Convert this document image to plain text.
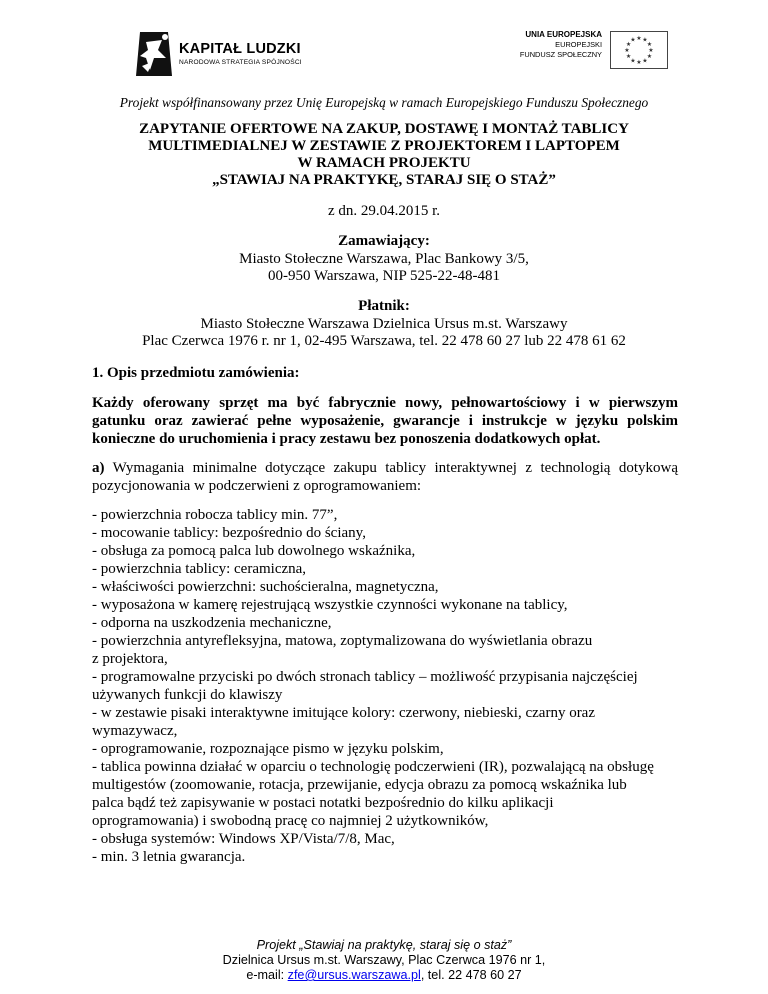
KAPITAŁ LUDZKI
NARODOWA STRATEGIA SPÓJNOŚCI
UNIA EUROPEJSKA
EUROPEJSKI
FUNDUSZ SPOŁECZNY
★ ★
★
★
★
★
★
★
★
★
★
★
Projekt współfinansowany przez Unię Europejską w ramach Europejskiego Funduszu Społecznego
ZAPYTANIE OFERTOWE NA ZAKUP, DOSTAWĘ I MONTAŻ TABLICY
MULTIMEDIALNEJ W ZESTAWIE Z PROJEKTOREM I LAPTOPEM
W RAMACH PROJEKTU
„STAWIAJ NA PRAKTYKĘ, STARAJ SIĘ O STAŻ”
z dn. 29.04.2015 r.
Zamawiający:
Miasto Stołeczne Warszawa, Plac Bankowy 3/5,
00-950 Warszawa, NIP 525-22-48-481
Płatnik:
Miasto Stołeczne Warszawa Dzielnica Ursus m.st. Warszawy
Plac Czerwca 1976 r. nr 1, 02-495 Warszawa, tel. 22 478 60 27 lub 22 478 61 62
1. Opis przedmiotu zamówienia:
Każdy oferowany sprzęt ma być fabrycznie nowy, pełnowartościowy i w pierwszym gatunku oraz zawierać pełne wyposażenie, gwarancje i instrukcje w języku polskim konieczne do uruchomienia i pracy zestawu bez ponoszenia dodatkowych opłat.
a) Wymagania minimalne dotyczące zakupu tablicy interaktywnej z technologią dotykową pozycjonowania w podczerwieni z oprogramowaniem:
- powierzchnia robocza tablicy min. 77”,
- mocowanie tablicy: bezpośrednio do ściany,
- obsługa za pomocą palca lub dowolnego wskaźnika,
- powierzchnia tablicy: ceramiczna,
- właściwości powierzchni: suchościeralna, magnetyczna,
- wyposażona w kamerę rejestrującą wszystkie czynności wykonane na tablicy,
- odporna na uszkodzenia mechaniczne,
- powierzchnia antyrefleksyjna, matowa, zoptymalizowana do wyświetlania obrazu
z projektora,
- programowalne przyciski po dwóch stronach tablicy – możliwość przypisania najczęściej
używanych funkcji do klawiszy
- w zestawie pisaki interaktywne imitujące kolory: czerwony, niebieski, czarny oraz
wymazywacz,
- oprogramowanie, rozpoznające pismo w języku polskim,
- tablica powinna działać w oparciu o technologię podczerwieni (IR), pozwalającą na obsługę
multigestów (zoomowanie, rotacja, przewijanie, edycja obrazu za pomocą wskaźnika lub
palca bądź też zapisywanie w postaci notatki bezpośrednio do kilku aplikacji
oprogramowania) i swobodną pracę co najmniej 2 użytkowników,
- obsługa systemów: Windows XP/Vista/7/8, Mac,
- min. 3 letnia gwarancja.
Projekt „Stawiaj na praktykę, staraj się o staż”
Dzielnica Ursus m.st. Warszawy, Plac Czerwca 1976 nr 1,
e-mail: zfe@ursus.warszawa.pl, tel. 22 478 60 27
